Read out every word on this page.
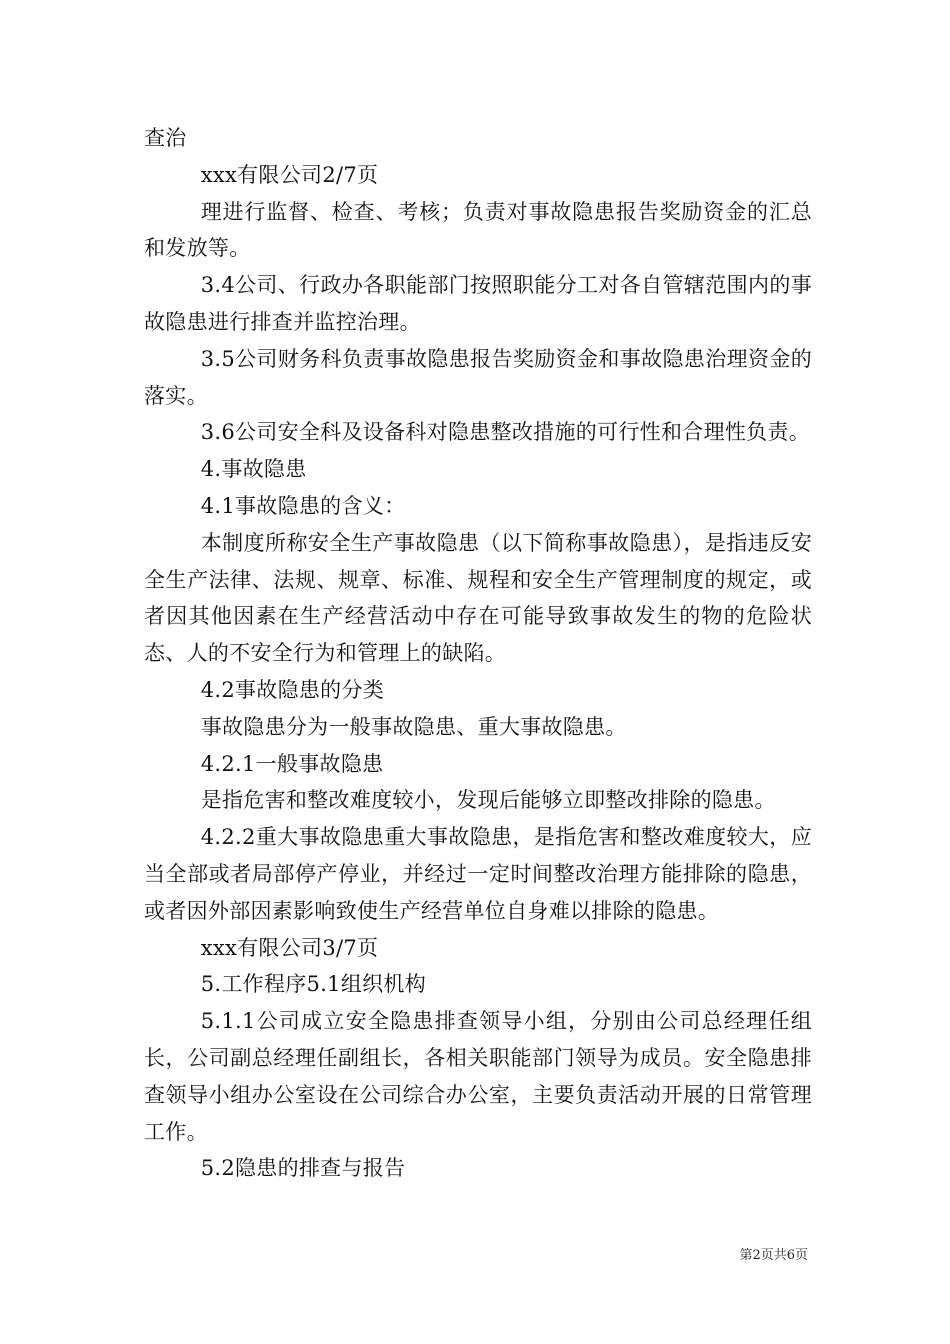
查治

xxx有限公司2/7页

理进行监督、检查、考核；负责对事故隐患报告奖励资金的汇总和发放等。

3.4公司、行政办各职能部门按照职能分工对各自管辖范围内的事故隐患进行排查并监控治理。

3.5公司财务科负责事故隐患报告奖励资金和事故隐患治理资金的落实。

3.6公司安全科及设备科对隐患整改措施的可行性和合理性负责。

4.事故隐患

4.1事故隐患的含义：

本制度所称安全生产事故隐患（以下简称事故隐患），是指违反安全生产法律、法规、规章、标准、规程和安全生产管理制度的规定，或者因其他因素在生产经营活动中存在可能导致事故发生的物的危险状态、人的不安全行为和管理上的缺陷。

4.2事故隐患的分类

事故隐患分为一般事故隐患、重大事故隐患。

4.2.1一般事故隐患

是指危害和整改难度较小，发现后能够立即整改排除的隐患。

4.2.2重大事故隐患重大事故隐患，是指危害和整改难度较大，应当全部或者局部停产停业，并经过一定时间整改治理方能排除的隐患，或者因外部因素影响致使生产经营单位自身难以排除的隐患。

xxx有限公司3/7页

5.工作程序5.1组织机构

5.1.1公司成立安全隐患排查领导小组，分别由公司总经理任组长，公司副总经理任副组长，各相关职能部门领导为成员。安全隐患排查领导小组办公室设在公司综合办公室，主要负责活动开展的日常管理工作。

5.2隐患的排查与报告

第2页共6页
